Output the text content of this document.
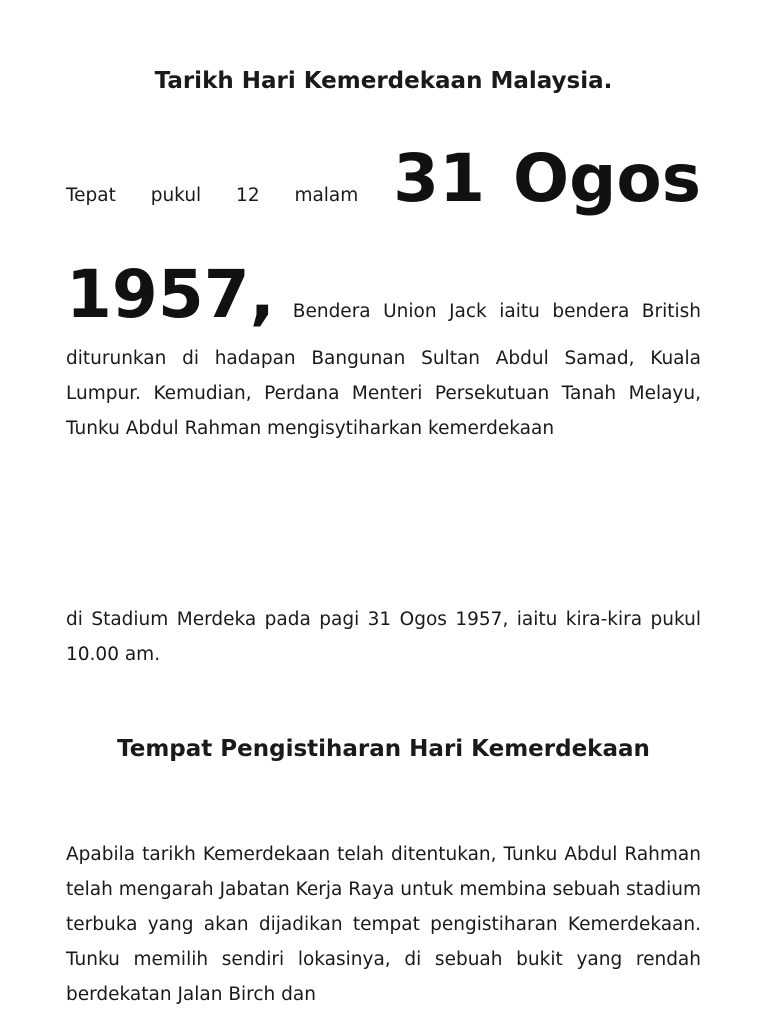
Tarikh Hari Kemerdekaan Malaysia.
Tepat pukul 12 malam 31 Ogos
1957, Bendera Union Jack iaitu bendera British

diturunkan di hadapan Bangunan Sultan Abdul Samad, Kuala Lumpur. Kemudian, Perdana Menteri Persekutuan Tanah Melayu, Tunku Abdul Rahman mengisytiharkan kemerdekaan

di Stadium Merdeka pada pagi 31 Ogos 1957, iaitu kira-kira pukul 10.00 am.

Tempat Pengistiharan Hari Kemerdekaan

Apabila tarikh Kemerdekaan telah ditentukan, Tunku Abdul Rahman telah mengarah Jabatan Kerja Raya untuk membina sebuah stadium terbuka yang akan dijadikan tempat pengistiharan Kemerdekaan. Tunku memilih sendiri lokasinya, di sebuah bukit yang rendah berdekatan Jalan Birch dan
